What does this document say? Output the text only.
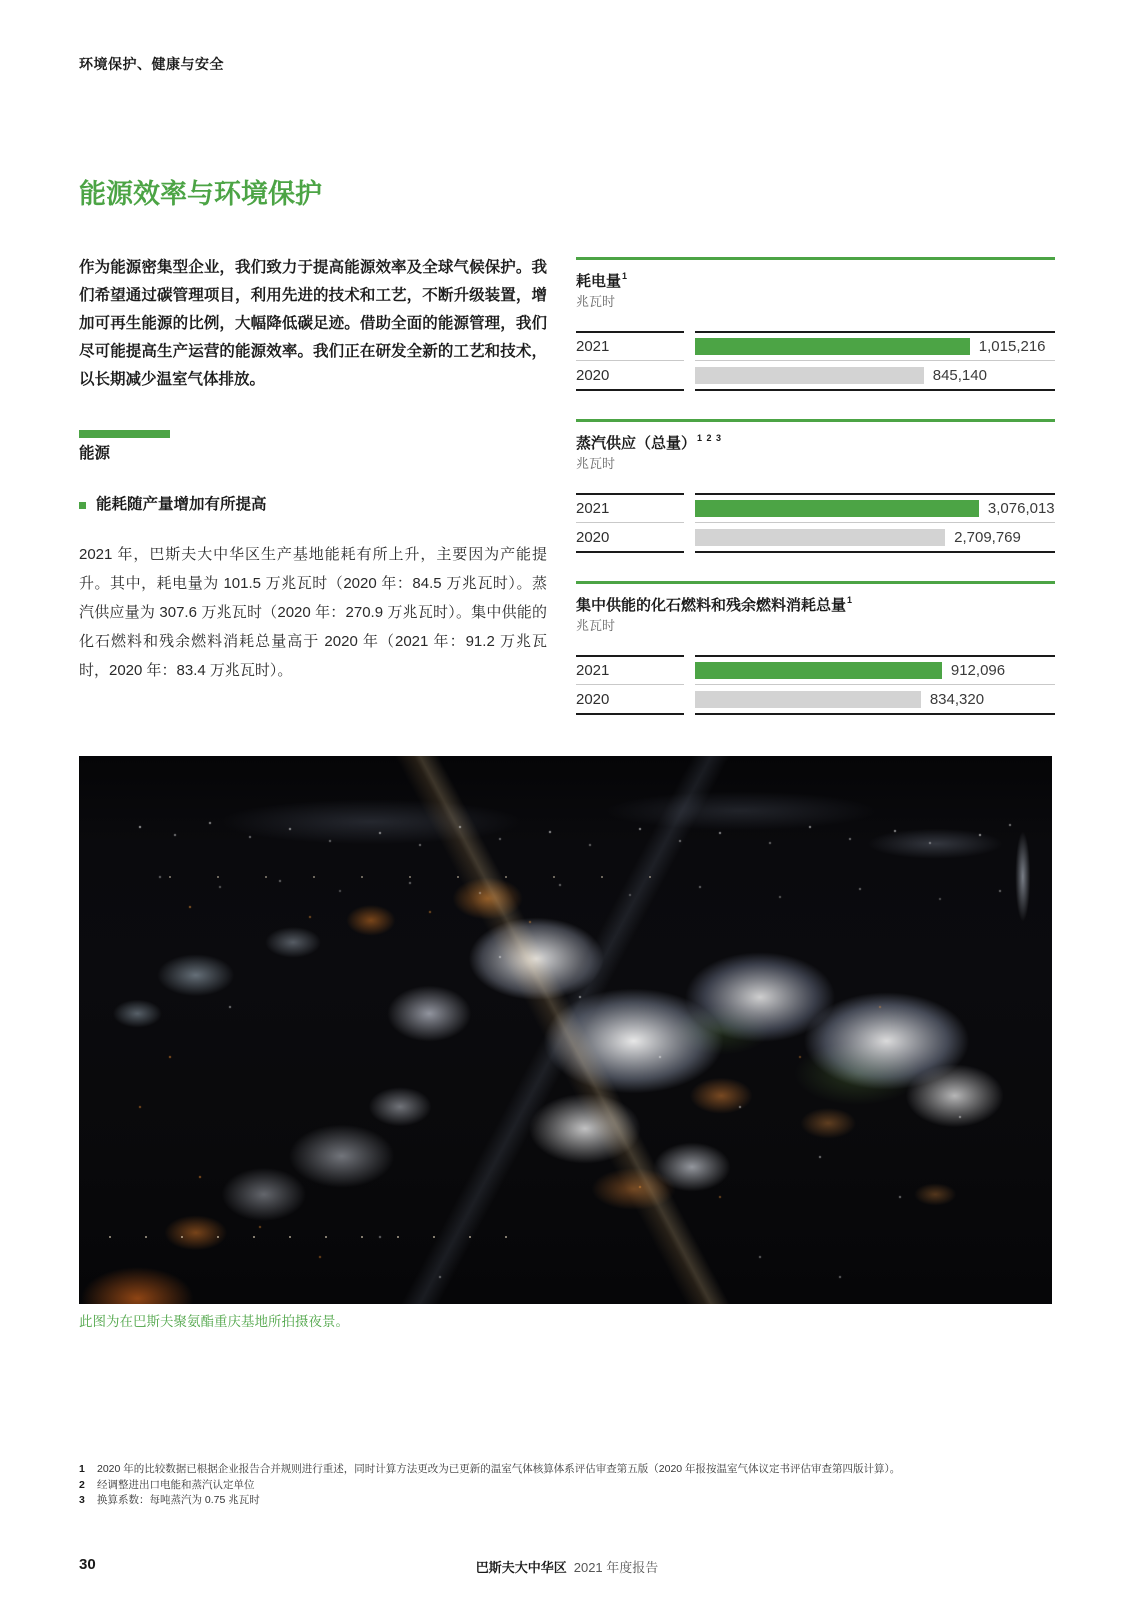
环境保护、健康与安全
能源效率与环境保护

作为能源密集型企业，我们致力于提高能源效率及全球气候保护。我们希望通过碳管理项目，利用先进的技术和工艺，不断升级装置，增加可再生能源的比例，大幅降低碳足迹。借助全面的能源管理，我们尽可能提高生产运营的能源效率。我们正在研发全新的工艺和技术，以长期减少温室气体排放。

能源
能耗随产量增加有所提高

2021 年，巴斯夫大中华区生产基地能耗有所上升，主要因为产能提升。其中，耗电量为 101.5 万兆瓦时（2020 年：84.5 万兆瓦时）。蒸汽供应量为 307.6 万兆瓦时（2020 年：270.9 万兆瓦时）。集中供能的化石燃料和残余燃料消耗总量高于 2020 年（2021 年：91.2 万兆瓦时，2020 年：83.4 万兆瓦时）。

耗电量$^1$
兆瓦时
2021	1,015,216
2020	845,140
蒸汽供应（总量）$^{1 2 3}$
兆瓦时
2021	3,076,013
2020	2,709,769
集中供能的化石燃料和残余燃料消耗总量$^1$
兆瓦时
2021	912,096
2020	834,320
此图为在巴斯夫聚氨酯重庆基地所拍摄夜景。
1	2020 年的比较数据已根据企业报告合并规则进行重述，同时计算方法更改为已更新的温室气体核算体系评估审查第五版（2020 年报按温室气体议定书评估审查第四版计算）。
2	经调整进出口电能和蒸汽认定单位
3	换算系数：每吨蒸汽为 0.75 兆瓦时
30	巴斯夫大中华区 2021 年度报告
